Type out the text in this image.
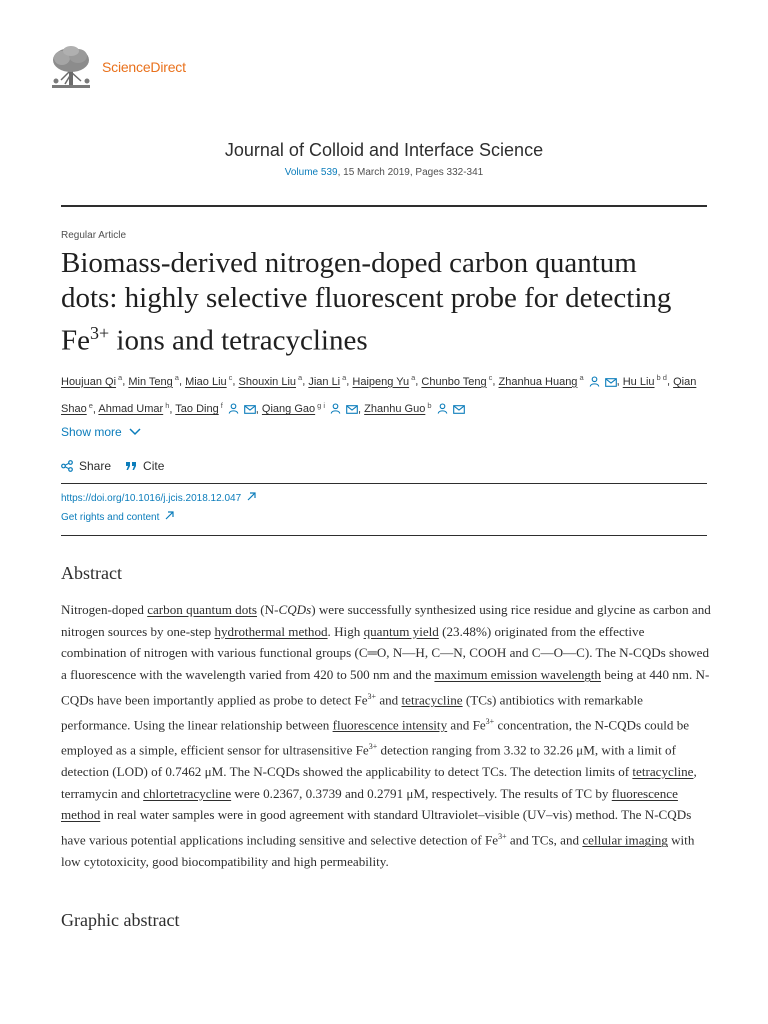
ScienceDirect
Journal of Colloid and Interface Science
Volume 539, 15 March 2019, Pages 332-341
Regular Article
Biomass-derived nitrogen-doped carbon quantum
dots: highly selective fluorescent probe for detecting
$Fe^{3+}$ ions and tetracyclines
Houjuan Qi $^a$, Min Teng $^a$, Miao Liu $^c$, Shouxin Liu $^a$, Jian Li $^a$, Haipeng Yu $^a$, Chunbo Teng $^c$, Zhanhua Huang $^a$	, Hu Liu $^{b d}$, Qian Shao $^e$, Ahmad Umar $^h$, Tao Ding $^f$	, Qiang Gao $^{g i}$	, Zhanhu Guo $^b$
Show more
Share	Cite
https://doi.org/10.1016/j.jcis.2018.12.047
Get rights and content
Abstract

Nitrogen-doped carbon quantum dots (N-CQDs) were successfully synthesized using rice residue and glycine as carbon and nitrogen sources by one-step hydrothermal method. High quantum yield (23.48%) originated from the effective combination of nitrogen with various functional groups (C═O, N—H, C—N, COOH and C—O—C). The N-CQDs showed a fluorescence with the wavelength varied from 420 to 500 nm and the maximum emission wavelength being at 440 nm. N-CQDs have been importantly applied as probe to detect $Fe^{3+}$ and tetracycline (TCs) antibiotics with remarkable performance. Using the linear relationship between fluorescence intensity and $Fe^{3+}$ concentration, the N-CQDs could be employed as a simple, efficient sensor for ultrasensitive $Fe^{3+}$ detection ranging from 3.32 to 32.26 μM, with a limit of detection (LOD) of 0.7462 μM. The N-CQDs showed the applicability to detect TCs. The detection limits of tetracycline, terramycin and chlortetracycline were 0.2367, 0.3739 and 0.2791 μM, respectively. The results of TC by fluorescence method in real water samples were in good agreement with standard Ultraviolet–visible (UV–vis) method. The N-CQDs have various potential applications including sensitive and selective detection of $Fe^{3+}$ and TCs, and cellular imaging with low cytotoxicity, good biocompatibility and high permeability.

Graphic abstract
